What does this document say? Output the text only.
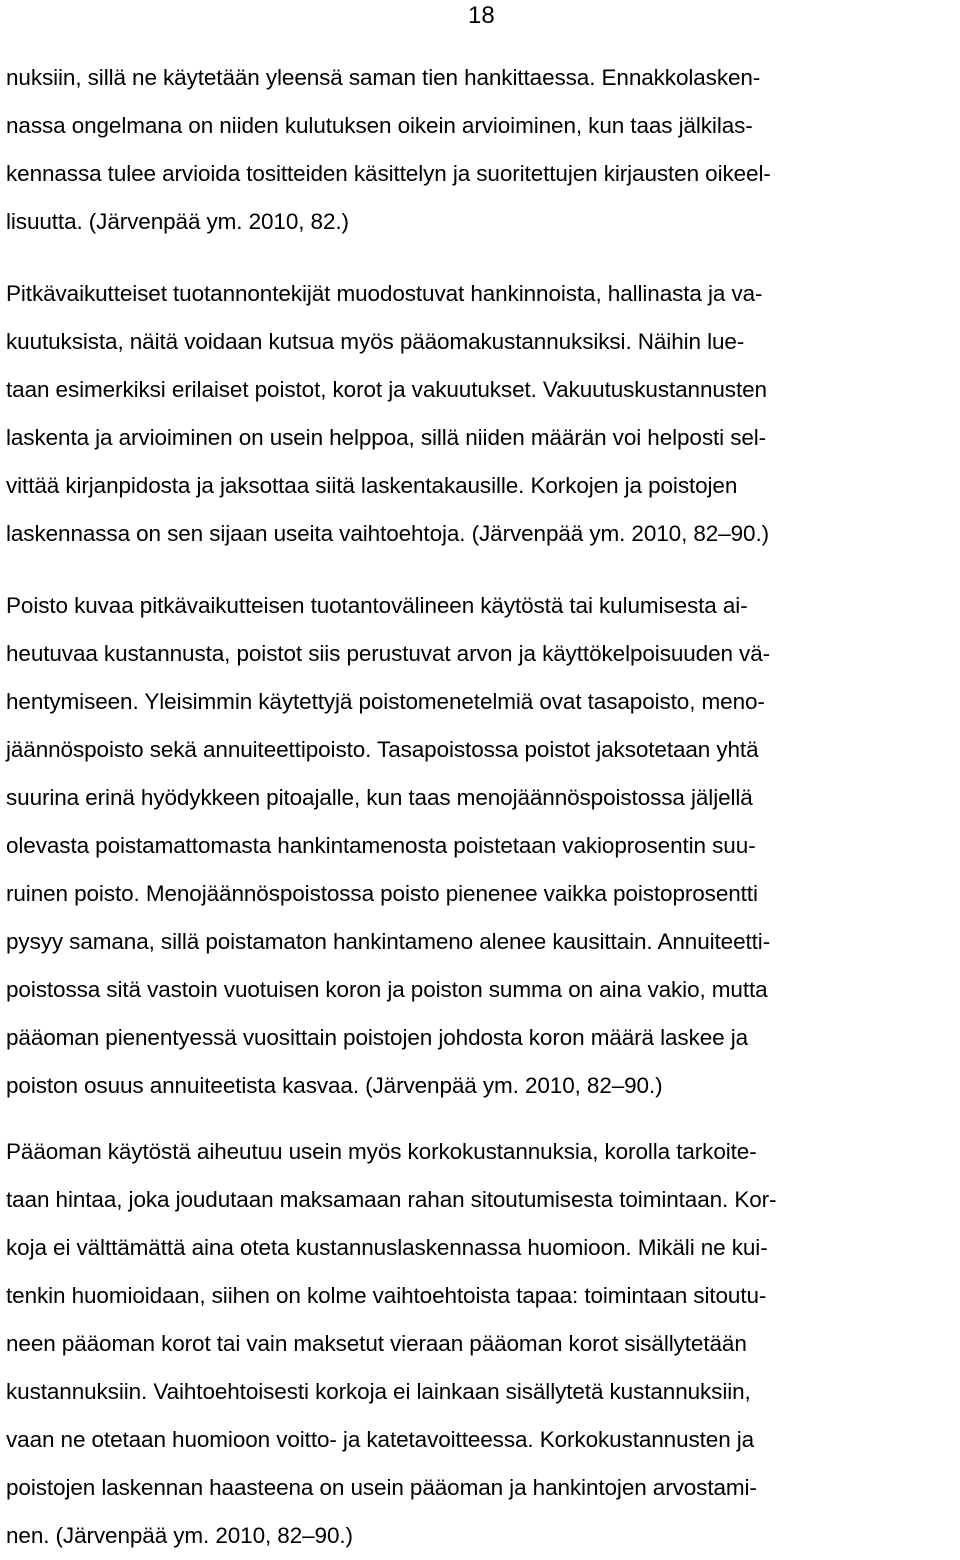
18
nuksiin, sillä ne käytetään yleensä saman tien hankittaessa. Ennakkolasken-
nassa ongelmana on niiden kulutuksen oikein arvioiminen, kun taas jälkilas-
kennassa tulee arvioida tositteiden käsittelyn ja suoritettujen kirjausten oikeel-
lisuutta. (Järvenpää ym. 2010, 82.)
Pitkävaikutteiset tuotannontekijät muodostuvat hankinnoista, hallinasta ja va-
kuutuksista, näitä voidaan kutsua myös pääomakustannuksiksi. Näihin lue-
taan esimerkiksi erilaiset poistot, korot ja vakuutukset. Vakuutuskustannusten
laskenta ja arvioiminen on usein helppoa, sillä niiden määrän voi helposti sel-
vittää kirjanpidosta ja jaksottaa siitä laskentakausille. Korkojen ja poistojen
laskennassa on sen sijaan useita vaihtoehtoja. (Järvenpää ym. 2010, 82–90.)
Poisto kuvaa pitkävaikutteisen tuotantovälineen käytöstä tai kulumisesta ai-
heutuvaa kustannusta, poistot siis perustuvat arvon ja käyttökelpoisuuden vä-
hentymiseen. Yleisimmin käytettyjä poistomenetelmiä ovat tasapoisto, meno-
jäännöspoisto sekä annuiteettipoisto. Tasapoistossa poistot jaksotetaan yhtä
suurina erinä hyödykkeen pitoajalle, kun taas menojäännöspoistossa jäljellä
olevasta poistamattomasta hankintamenosta poistetaan vakioprosentin suu-
ruinen poisto. Menojäännöspoistossa poisto pienenee vaikka poistoprosentti
pysyy samana, sillä poistamaton hankintameno alenee kausittain. Annuiteetti-
poistossa sitä vastoin vuotuisen koron ja poiston summa on aina vakio, mutta
pääoman pienentyessä vuosittain poistojen johdosta koron määrä laskee ja
poiston osuus annuiteetista kasvaa. (Järvenpää ym. 2010, 82–90.)
Pääoman käytöstä aiheutuu usein myös korkokustannuksia, korolla tarkoite-
taan hintaa, joka joudutaan maksamaan rahan sitoutumisesta toimintaan. Kor-
koja ei välttämättä aina oteta kustannuslaskennassa huomioon. Mikäli ne kui-
tenkin huomioidaan, siihen on kolme vaihtoehtoista tapaa: toimintaan sitoutu-
neen pääoman korot tai vain maksetut vieraan pääoman korot sisällytetään
kustannuksiin. Vaihtoehtoisesti korkoja ei lainkaan sisällytetä kustannuksiin,
vaan ne otetaan huomioon voitto- ja katetavoitteessa. Korkokustannusten ja
poistojen laskennan haasteena on usein pääoman ja hankintojen arvostami-
nen. (Järvenpää ym. 2010, 82–90.)
